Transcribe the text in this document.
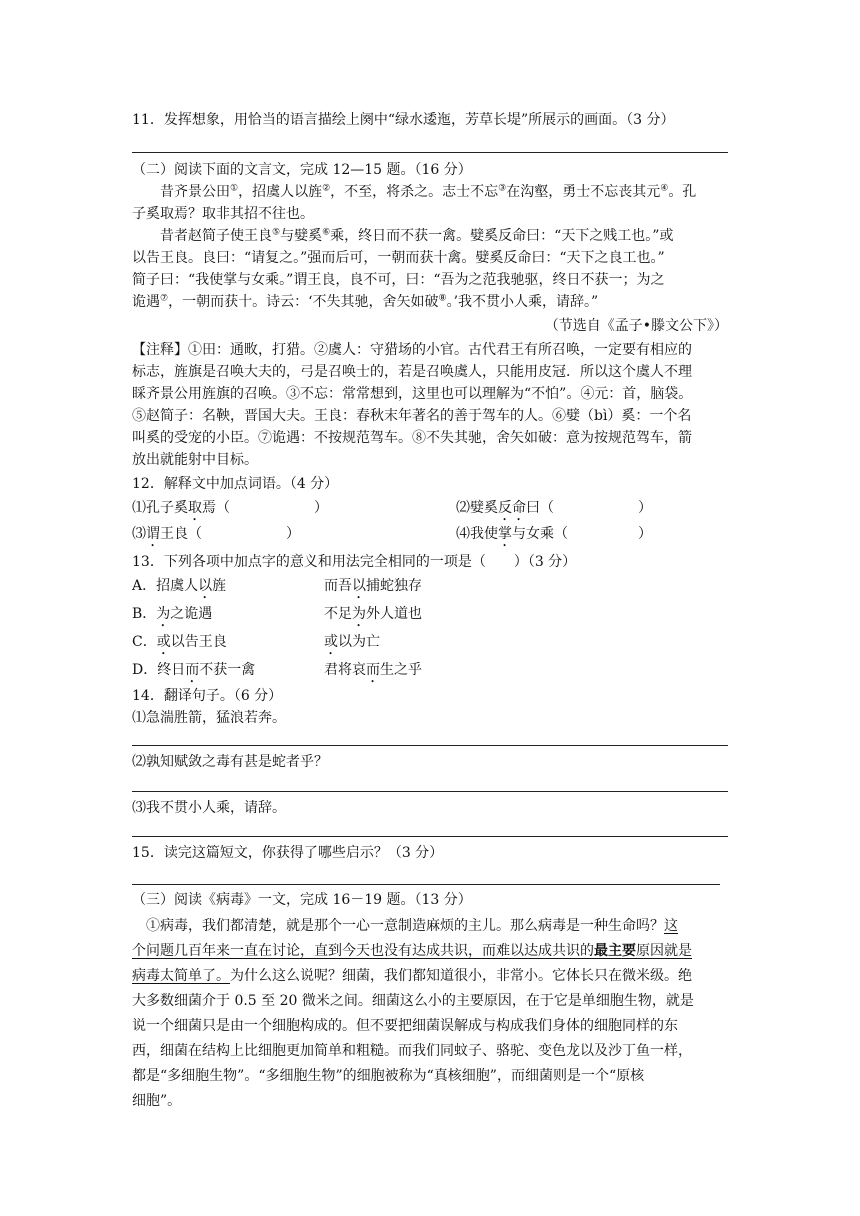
11．发挥想象，用恰当的语言描绘上阕中“绿水逶迤，芳草长堤”所展示的画面。（3 分）
（二）阅读下面的文言文，完成 12—15 题。（16 分）
昔齐景公田①，招虞人以旌②，不至，将杀之。志士不忘③在沟壑，勇士不忘丧其元④。孔
子奚取焉？取非其招不往也。
昔者赵简子使王良⑤与嬖奚⑥乘，终日而不获一禽。嬖奚反命曰：“天下之贱工也。”或
以告王良。良曰：“请复之。”强而后可，一朝而获十禽。嬖奚反命曰：“天下之良工也。”
简子曰：“我使掌与女乘。”谓王良，良不可，曰：“吾为之范我驰驱，终日不获一；为之
诡遇⑦，一朝而获十。诗云：‘不失其驰，舍矢如破⑧。’我不贯小人乘，请辞。”
（节选自《孟子•滕文公下》）
【注释】①田：通畋，打猎。②虞人：守猎场的小官。古代君王有所召唤，一定要有相应的
标志，旌旗是召唤大夫的，弓是召唤士的，若是召唤虞人，只能用皮冠．所以这个虞人不理
睬齐景公用旌旗的召唤。③不忘：常常想到，这里也可以理解为“不怕”。④元：首，脑袋。
⑤赵简子：名鞅，晋国大夫。王良：春秋末年著名的善于驾车的人。⑥嬖（bì）奚：一个名
叫奚的受宠的小臣。⑦诡遇：不按规范驾车。⑧不失其驰，舍矢如破：意为按规范驾车，箭
放出就能射中目标。
12．解释文中加点词语。（4 分）
⑴孔子奚取焉（	）	⑵嬖奚反命曰（	）
⑶谓王良（	）	⑷我使掌与女乘（	）
13．下列各项中加点字的意义和用法完全相同的一项是（　　）（3 分）
A．招虞人以旌	而吾以捕蛇独存
B．为之诡遇	不足为外人道也
C．或以告王良	或以为亡
D．终日而不获一禽	君将哀而生之乎
14．翻译句子。（6 分）
⑴急湍胜箭，猛浪若奔。
⑵孰知赋敛之毒有甚是蛇者乎？
⑶我不贯小人乘，请辞。
15．读完这篇短文，你获得了哪些启示？（3 分）
（三）阅读《病毒》一文，完成 16－19 题。（13 分）
①病毒，我们都清楚，就是那个一心一意制造麻烦的主儿。那么病毒是一种生命吗？这
个问题几百年来一直在讨论，直到今天也没有达成共识，而难以达成共识的最主要原因就是
病毒太简单了。为什么这么说呢？细菌，我们都知道很小，非常小。它体长只在微米级。绝
大多数细菌介于 0.5 至 20 微米之间。细菌这么小的主要原因，在于它是单细胞生物，就是
说一个细菌只是由一个细胞构成的。但不要把细菌误解成与构成我们身体的细胞同样的东
西，细菌在结构上比细胞更加简单和粗糙。而我们同蚊子、骆驼、变色龙以及沙丁鱼一样，
都是“多细胞生物”。“多细胞生物”的细胞被称为“真核细胞”，而细菌则是一个“原核
细胞”。
